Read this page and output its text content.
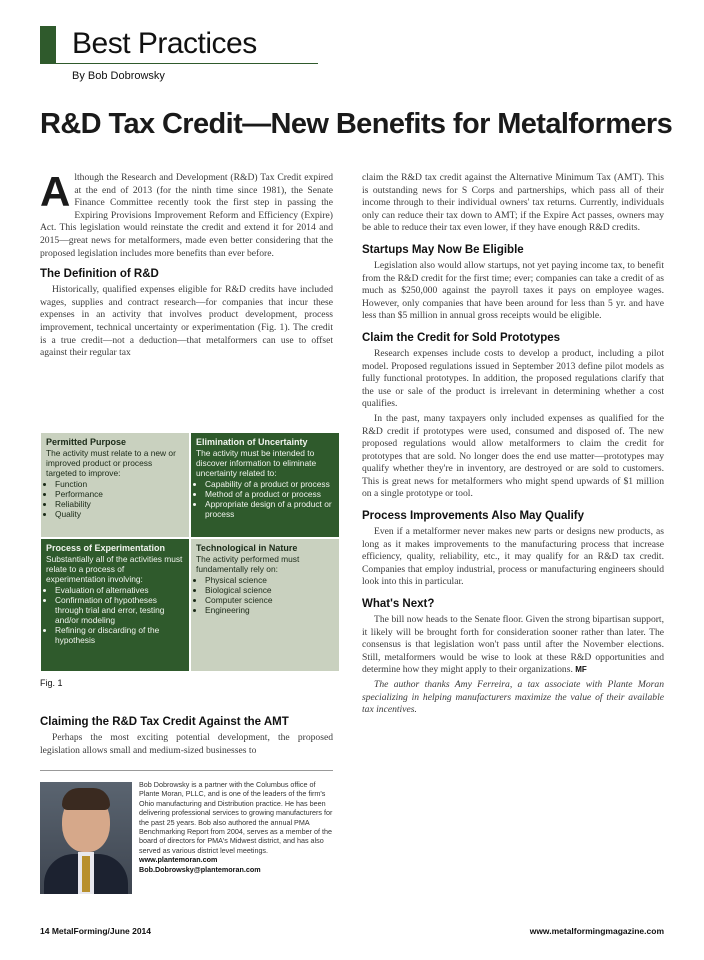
Best Practices
By Bob Dobrowsky
R&D Tax Credit—New Benefits for Metalformers

Although the Research and Development (R&D) Tax Credit expired at the end of 2013 (for the ninth time since 1981), the Senate Finance Committee recently took the first step in passing the Expiring Provisions Improvement Reform and Efficiency (Expire) Act. This legislation would reinstate the credit and extend it for 2014 and 2015—great news for metalformers, made even better considering that the proposed legislation includes more benefits than ever before.

The Definition of R&D

Historically, qualified expenses eligible for R&D credits have included wages, supplies and contract research—for companies that incur these expenses in an activity that involves product development, process improvement, technical uncertainty or experimentation (Fig. 1). The credit is a true credit—not a deduction—that metalformers can use to offset against their regular tax

Permitted Purpose
The activity must relate to a new or improved product or process targeted to improve:
• Function
• Performance
• Reliability
• Quality
Elimination of Uncertainty
The activity must be intended to discover information to eliminate uncertainty related to:
• Capability of a product or process
• Method of a product or process
• Appropriate design of a product or process
Process of Experimentation
Substantially all of the activities must relate to a process of experimentation involving:
• Evaluation of alternatives
• Confirmation of hypotheses through trial and error, testing and/or modeling
• Refining or discarding of the hypothesis
Technological in Nature
The activity performed must fundamentally rely on:
• Physical science
• Biological science
• Computer science
• Engineering
Fig. 1
Claiming the R&D Tax Credit Against the AMT

Perhaps the most exciting potential development, the proposed legislation allows small and medium-sized businesses to

Bob Dobrowsky is a partner with the Columbus office of Plante Moran, PLLC, and is one of the leaders of the firm's Ohio manufacturing and Distribution practice. He has been delivering professional services to growing manufacturers for the past 25 years. Bob also authored the annual PMA Benchmarking Report from 2004, serves as a member of the board of directors for PMA's Midwest district, and has also served as various district level meetings.
www.plantemoran.com
Bob.Dobrowsky@plantemoran.com

claim the R&D tax credit against the Alternative Minimum Tax (AMT). This is outstanding news for S Corps and partnerships, which pass all of their income through to their individual owners' tax returns. Currently, individuals only can reduce their tax down to AMT; if the Expire Act passes, owners may be able to reduce their tax even lower, if they have enough R&D credits.

Startups May Now Be Eligible

Legislation also would allow startups, not yet paying income tax, to benefit from the R&D credit for the first time; ever; companies can take a credit of as much as $250,000 against the payroll taxes it pays on employee wages. However, only companies that have been around for less than 5 yr. and have less than $5 million in annual gross receipts would be eligible.

Claim the Credit for Sold Prototypes

Research expenses include costs to develop a product, including a pilot model. Proposed regulations issued in September 2013 define pilot models as fully functional prototypes. In addition, the proposed regulations clarify that the use or sale of the product is irrelevant in determining whether a cost qualifies.

In the past, many taxpayers only included expenses as qualified for the R&D credit if prototypes were used, consumed and disposed of. The new proposed regulations would allow metalformers to claim the credit for prototypes that are sold. No longer does the end use matter—prototypes may qualify whether they're in inventory, are destroyed or are sold to customers. This is great news for metalformers who might spend upwards of $1 million on a single prototype or tool.

Process Improvements Also May Qualify

Even if a metalformer never makes new parts or designs new products, as long as it makes improvements to the manufacturing process that increase efficiency, quality, reliability, etc., it may qualify for an R&D tax credit. Companies that employ industrial, process or manufacturing engineers should look into this in particular.

What's Next?

The bill now heads to the Senate floor. Given the strong bipartisan support, it likely will be brought forth for consideration sooner rather than later. The consensus is that legislation won't pass until after the November elections. Still, metalformers would be wise to look at these R&D opportunities and determine how they might apply to their organizations. MF

The author thanks Amy Ferreira, a tax associate with Plante Moran specializing in helping manufacturers maximize the value of their available tax incentives.

14 MetalForming/June 2014	www.metalformingmagazine.com
